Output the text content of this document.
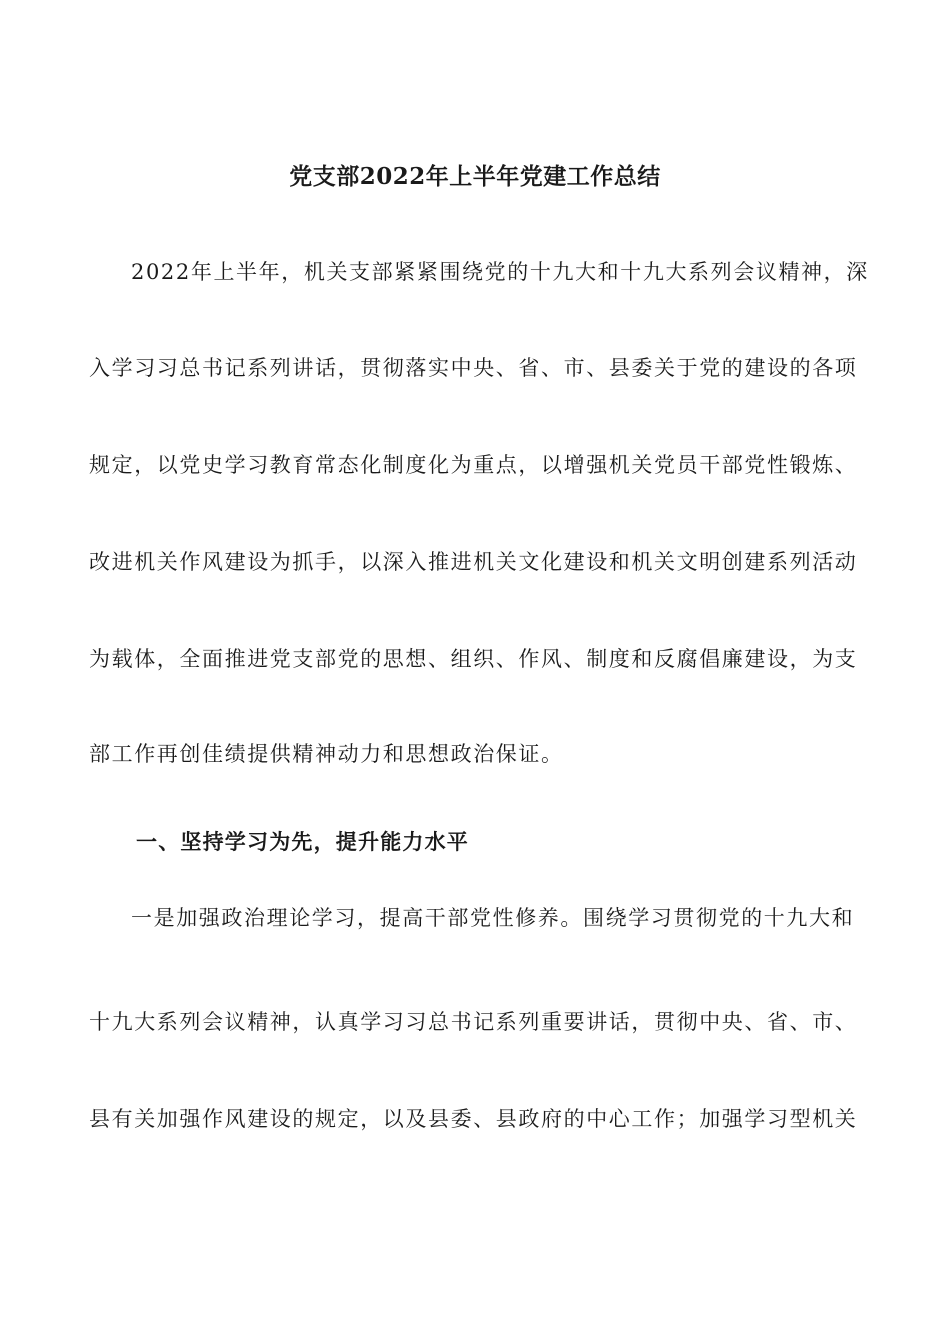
党支部2022年上半年党建工作总结
2022年上半年，机关支部紧紧围绕党的十九大和十九大系列会议精神，深
入学习习总书记系列讲话，贯彻落实中央、省、市、县委关于党的建设的各项
规定，以党史学习教育常态化制度化为重点，以增强机关党员干部党性锻炼、
改进机关作风建设为抓手，以深入推进机关文化建设和机关文明创建系列活动
为载体，全面推进党支部党的思想、组织、作风、制度和反腐倡廉建设，为支
部工作再创佳绩提供精神动力和思想政治保证。
一、坚持学习为先，提升能力水平
一是加强政治理论学习，提高干部党性修养。围绕学习贯彻党的十九大和
十九大系列会议精神，认真学习习总书记系列重要讲话，贯彻中央、省、市、
县有关加强作风建设的规定，以及县委、县政府的中心工作；加强学习型机关
